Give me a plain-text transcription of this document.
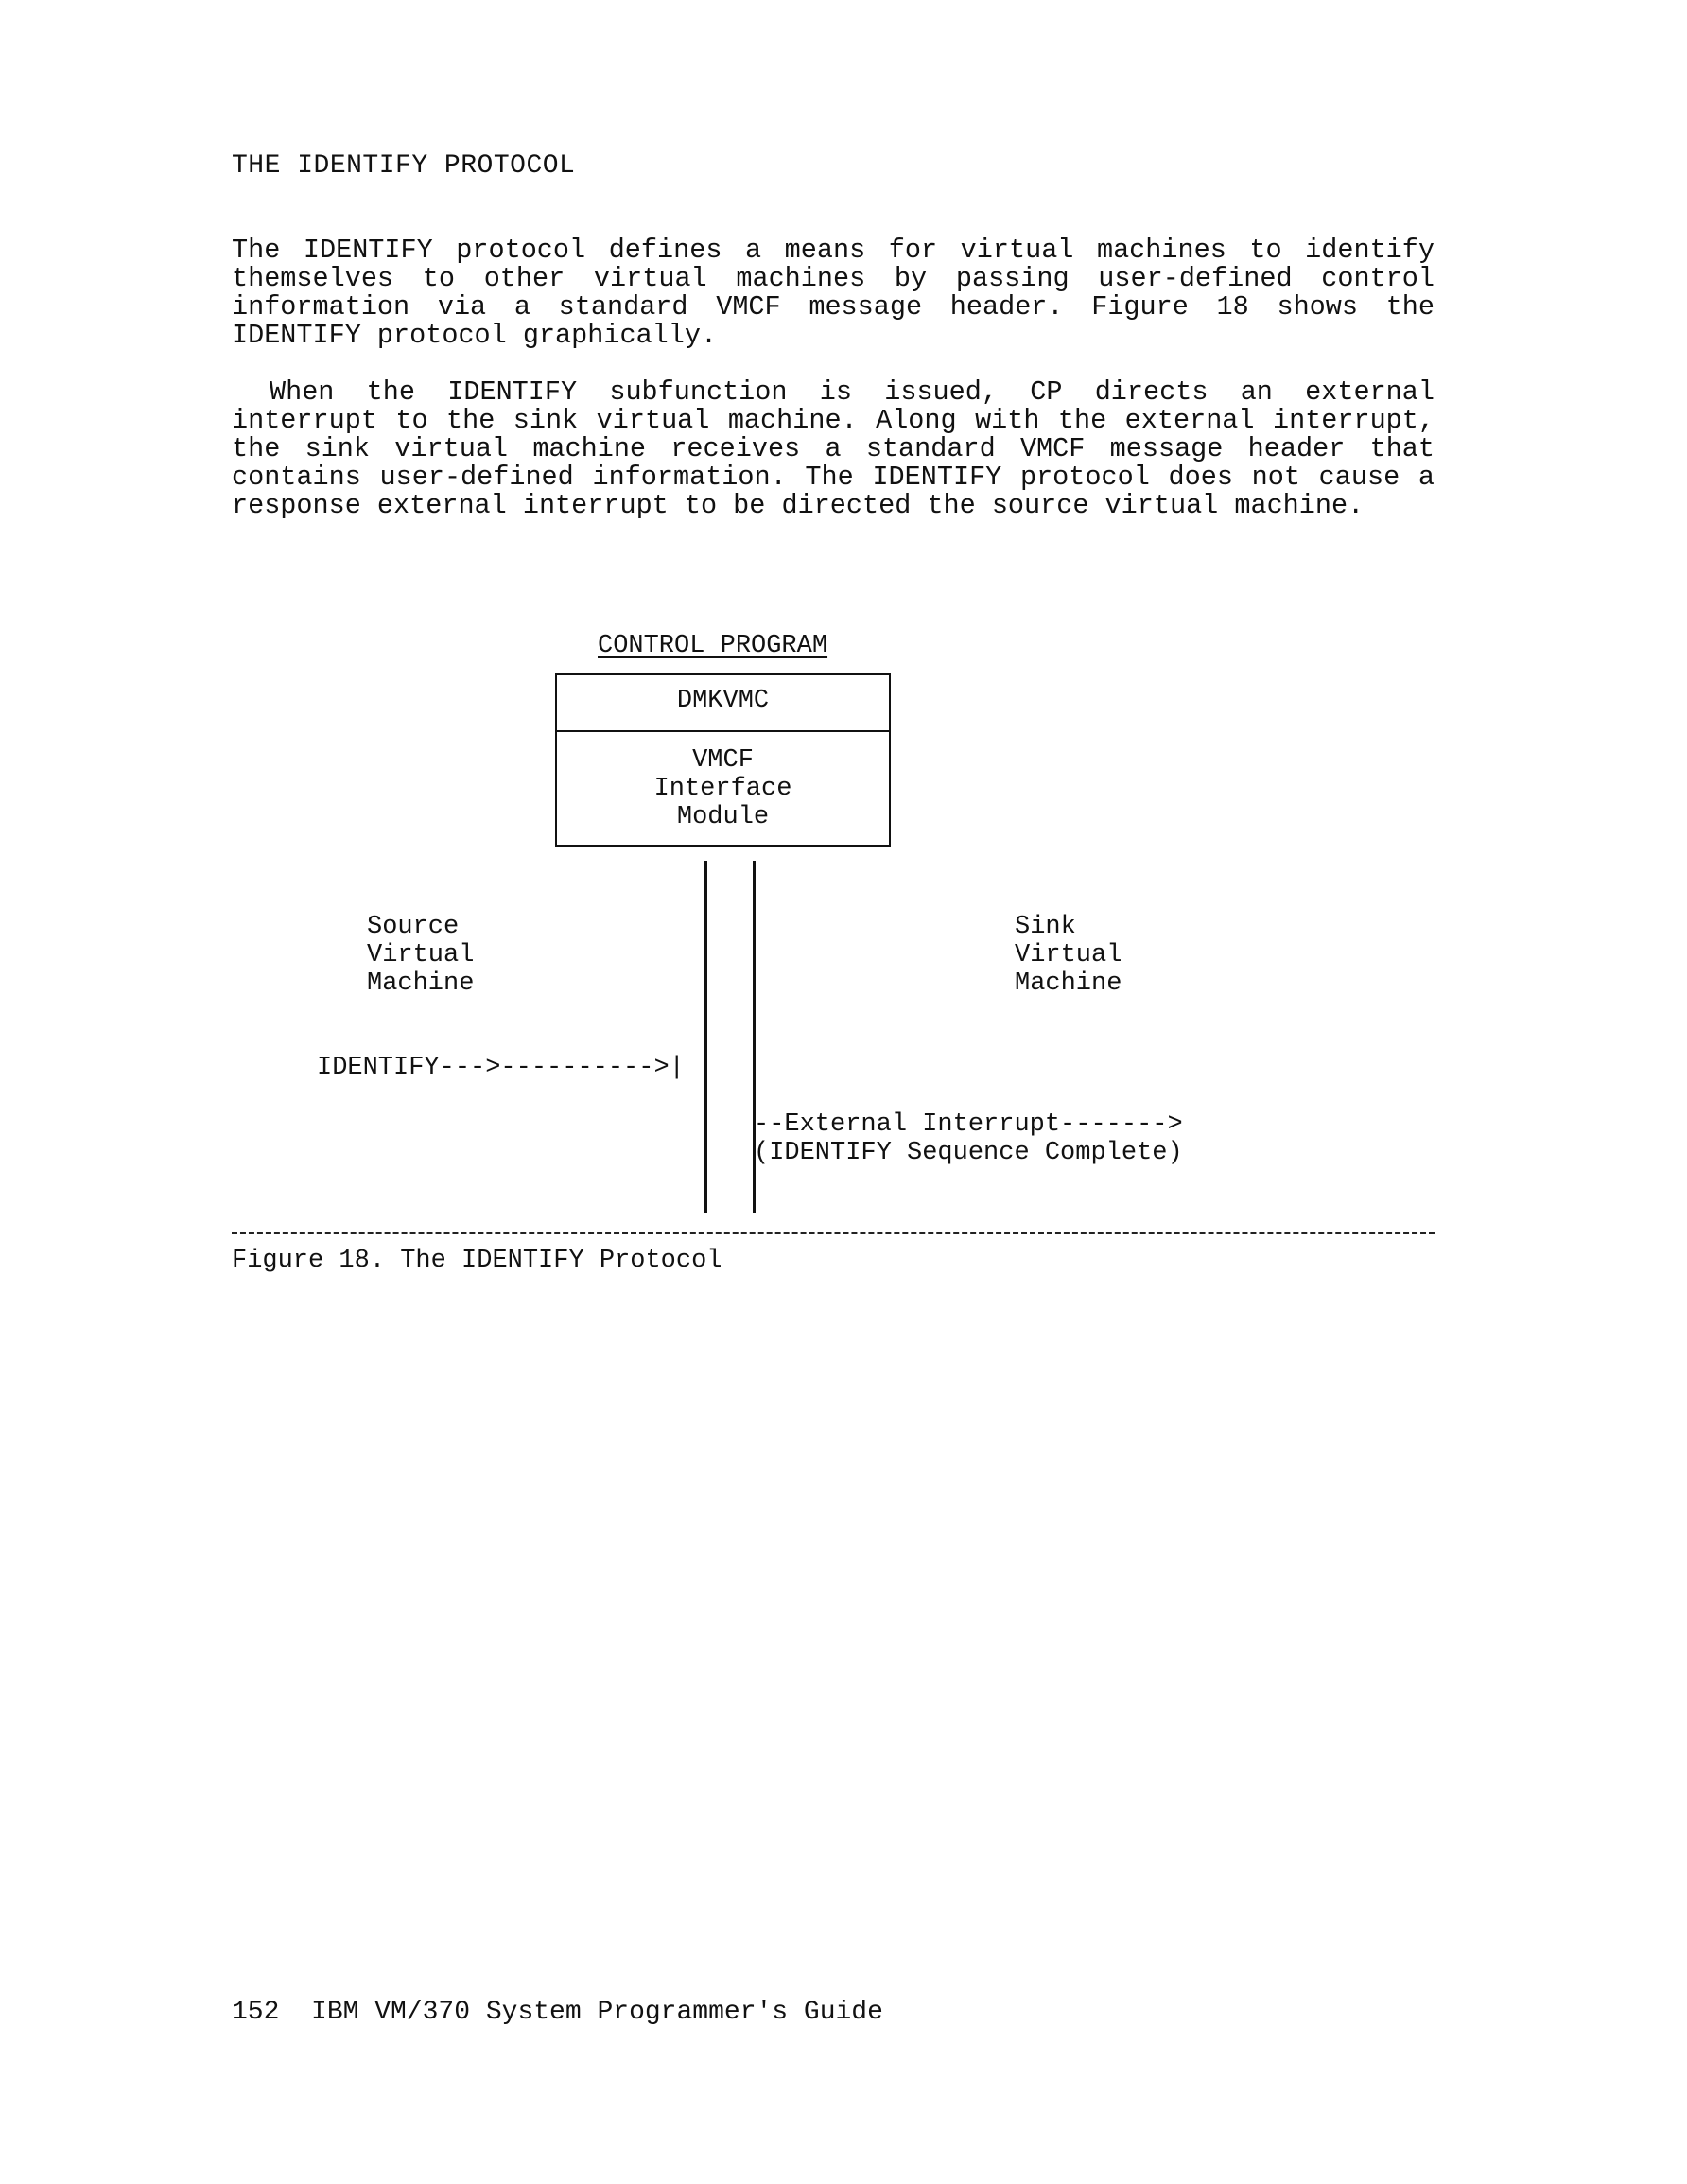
THE IDENTIFY PROTOCOL

The IDENTIFY protocol defines a means for virtual machines to identify themselves to other virtual machines by passing user-defined control information via a standard VMCF message header. Figure 18 shows the IDENTIFY protocol graphically.

When the IDENTIFY subfunction is issued, CP directs an external interrupt to the sink virtual machine. Along with the external interrupt, the sink virtual machine receives a standard VMCF message header that contains user-defined information. The IDENTIFY protocol does not cause a response external interrupt to be directed the source virtual machine.

CONTROL PROGRAM
DMKVMC
VMCF
Interface
Module
Source
Virtual
Machine
Sink
Virtual
Machine
IDENTIFY--->---------->|
--External Interrupt------->
(IDENTIFY Sequence Complete)
Figure 18. The IDENTIFY Protocol
152  IBM VM/370 System Programmer's Guide
